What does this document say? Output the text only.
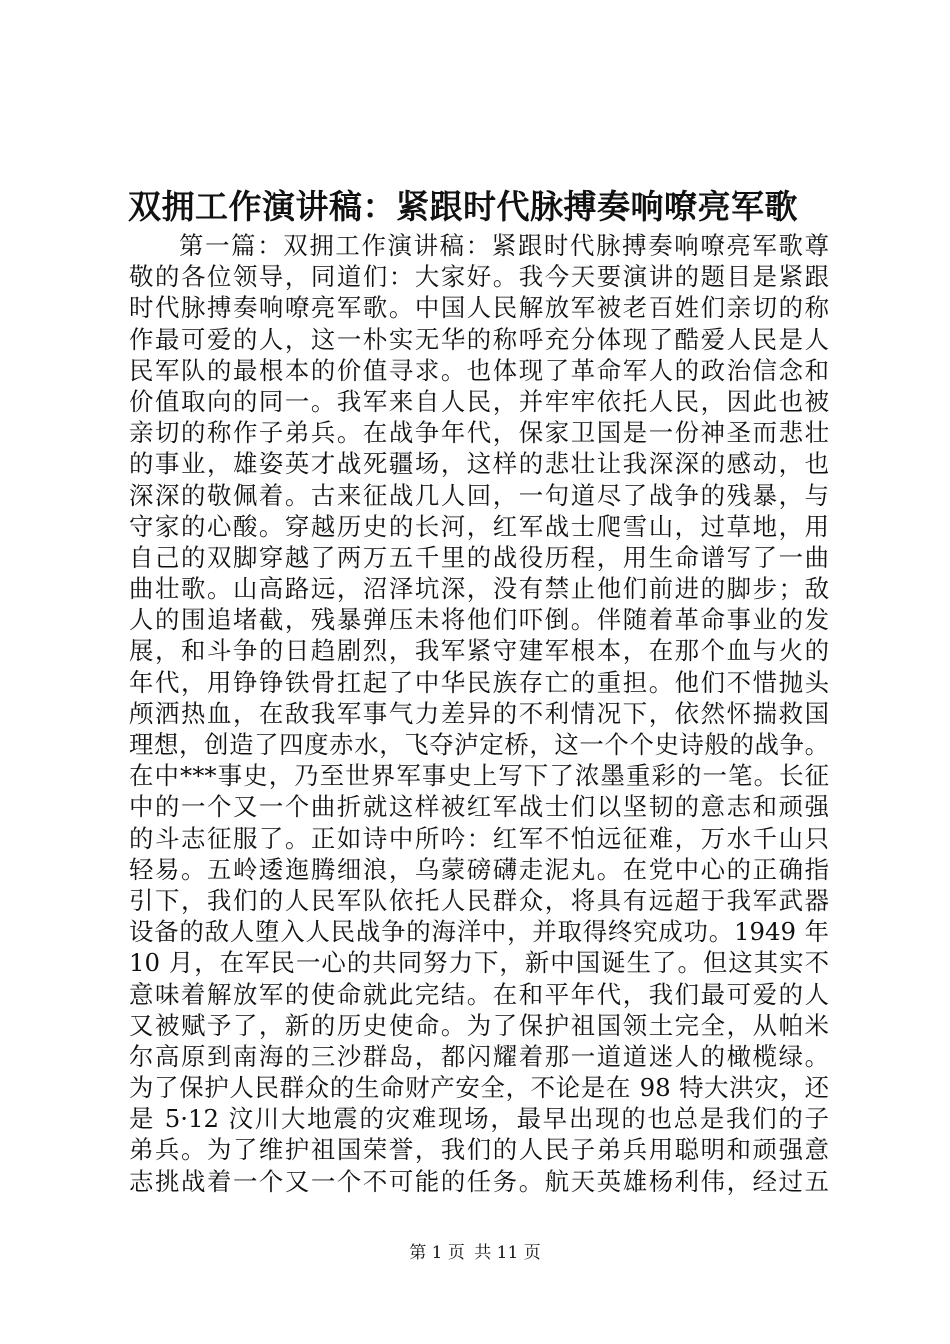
双拥工作演讲稿：紧跟时代脉搏奏响嘹亮军歌
第一篇：双拥工作演讲稿：紧跟时代脉搏奏响嘹亮军歌尊
敬的各位领导，同道们：大家好。我今天要演讲的题目是紧跟
时代脉搏奏响嘹亮军歌。中国人民解放军被老百姓们亲切的称
作最可爱的人，这一朴实无华的称呼充分体现了酷爱人民是人
民军队的最根本的价值寻求。也体现了革命军人的政治信念和
价值取向的同一。我军来自人民，并牢牢依托人民，因此也被
亲切的称作子弟兵。在战争年代，保家卫国是一份神圣而悲壮
的事业，雄姿英才战死疆场，这样的悲壮让我深深的感动，也
深深的敬佩着。古来征战几人回，一句道尽了战争的残暴，与
守家的心酸。穿越历史的长河，红军战士爬雪山，过草地，用
自己的双脚穿越了两万五千里的战役历程，用生命谱写了一曲
曲壮歌。山高路远，沼泽坑深，没有禁止他们前进的脚步；敌
人的围追堵截，残暴弹压未将他们吓倒。伴随着革命事业的发
展，和斗争的日趋剧烈，我军紧守建军根本，在那个血与火的
年代，用铮铮铁骨扛起了中华民族存亡的重担。他们不惜抛头
颅洒热血，在敌我军事气力差异的不利情况下，依然怀揣救国
理想，创造了四度赤水，飞夺泸定桥，这一个个史诗般的战争。
在中***事史，乃至世界军事史上写下了浓墨重彩的一笔。长征
中的一个又一个曲折就这样被红军战士们以坚韧的意志和顽强
的斗志征服了。正如诗中所吟：红军不怕远征难，万水千山只
轻易。五岭逶迤腾细浪，乌蒙磅礴走泥丸。在党中心的正确指
引下，我们的人民军队依托人民群众，将具有远超于我军武器
设备的敌人堕入人民战争的海洋中，并取得终究成功。1949 年
10 月，在军民一心的共同努力下，新中国诞生了。但这其实不
意味着解放军的使命就此完结。在和平年代，我们最可爱的人
又被赋予了，新的历史使命。为了保护祖国领土完全，从帕米
尔高原到南海的三沙群岛，都闪耀着那一道道迷人的橄榄绿。
为了保护人民群众的生命财产安全，不论是在 98 特大洪灾，还
是 5·12 汶川大地震的灾难现场，最早出现的也总是我们的子
弟兵。为了维护祖国荣誉，我们的人民子弟兵用聪明和顽强意
志挑战着一个又一个不可能的任务。航天英雄杨利伟，经过五
第 1 页 共 11 页
